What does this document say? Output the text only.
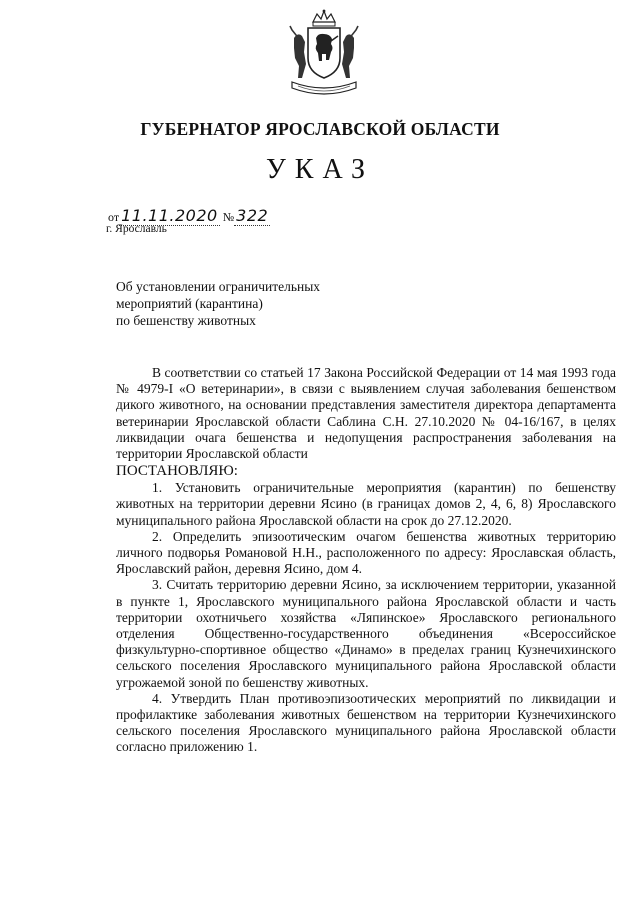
ГУБЕРНАТОР ЯРОСЛАВСКОЙ ОБЛАСТИ
УКАЗ
от 11.11.2020 № 322
г. Ярославль
Об установлении ограничительных
мероприятий (карантина)
по бешенству животных

В соответствии со статьей 17 Закона Российской Федерации от 14 мая 1993 года № 4979-I «О ветеринарии», в связи с выявлением случая заболевания бешенством дикого животного, на основании представления заместителя директора департамента ветеринарии Ярославской области Саблина С.Н. 27.10.2020 № 04-16/167, в целях ликвидации очага бешенства и недопущения распространения заболевания на территории Ярославской области

ПОСТАНОВЛЯЮ:

1. Установить ограничительные мероприятия (карантин) по бешенству животных на территории деревни Ясино (в границах домов 2, 4, 6, 8) Ярославского муниципального района Ярославской области на срок до 27.12.2020.

2. Определить эпизоотическим очагом бешенства животных территорию личного подворья Романовой Н.Н., расположенного по адресу: Ярославская область, Ярославский район, деревня Ясино, дом 4.

3. Считать территорию деревни Ясино, за исключением территории, указанной в пункте 1, Ярославского муниципального района Ярославской области и часть территории охотничьего хозяйства «Ляпинское» Ярославского регионального отделения Общественно-государственного объединения «Всероссийское физкультурно-спортивное общество «Динамо» в пределах границ Кузнечихинского сельского поселения Ярославского муниципального района Ярославской области угрожаемой зоной по бешенству животных.

4. Утвердить План противоэпизоотических мероприятий по ликвидации и профилактике заболевания животных бешенством на территории Кузнечихинского сельского поселения Ярославского муниципального района Ярославской области согласно приложению 1.
